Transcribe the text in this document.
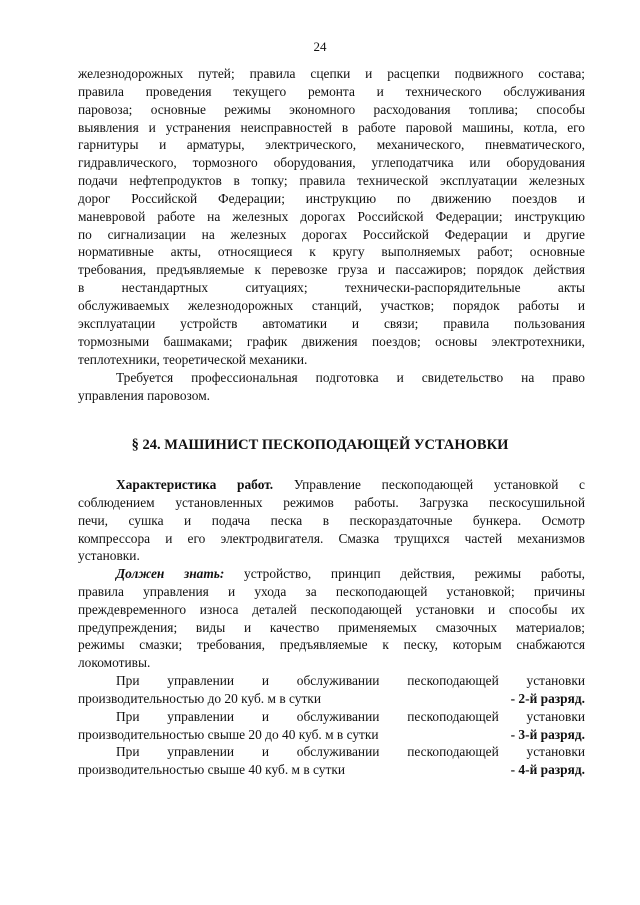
24
железнодорожных путей; правила сцепки и расцепки подвижного состава;
правила проведения текущего ремонта и технического обслуживания
паровоза; основные режимы экономного расходования топлива; способы
выявления и устранения неисправностей в работе паровой машины, котла, его
гарнитуры и арматуры, электрического, механического, пневматического,
гидравлического, тормозного оборудования, углеподатчика или оборудования
подачи нефтепродуктов в топку; правила технической эксплуатации железных
дорог Российской Федерации; инструкцию по движению поездов и
маневровой работе на железных дорогах Российской Федерации; инструкцию
по сигнализации на железных дорогах Российской Федерации и другие
нормативные акты, относящиеся к кругу выполняемых работ; основные
требования, предъявляемые к перевозке груза и пассажиров; порядок действия
в нестандартных ситуациях; технически-распорядительные акты
обслуживаемых железнодорожных станций, участков; порядок работы и
эксплуатации устройств автоматики и связи; правила пользования
тормозными башмаками; график движения поездов; основы электротехники,
теплотехники, теоретической механики.
Требуется профессиональная подготовка и свидетельство на право
управления паровозом.
§ 24. МАШИНИСТ ПЕСКОПОДАЮЩЕЙ УСТАНОВКИ
Характеристика работ. Управление пескоподающей установкой с
соблюдением установленных режимов работы. Загрузка пескосушильной
печи, сушка и подача песка в пескораздаточные бункера. Осмотр
компрессора и его электродвигателя. Смазка трущихся частей механизмов
установки.
Должен знать: устройство, принцип действия, режимы работы,
правила управления и ухода за пескоподающей установкой; причины
преждевременного износа деталей пескоподающей установки и способы их
предупреждения; виды и качество применяемых смазочных материалов;
режимы смазки; требования, предъявляемые к песку, которым снабжаются
локомотивы.
При управлении и обслуживании пескоподающей установки
производительностью до 20 куб. м в сутки	- 2-й разряд.
При управлении и обслуживании пескоподающей установки
производительностью свыше 20 до 40 куб. м в сутки	- 3-й разряд.
При управлении и обслуживании пескоподающей установки
производительностью свыше 40 куб. м в сутки	- 4-й разряд.
